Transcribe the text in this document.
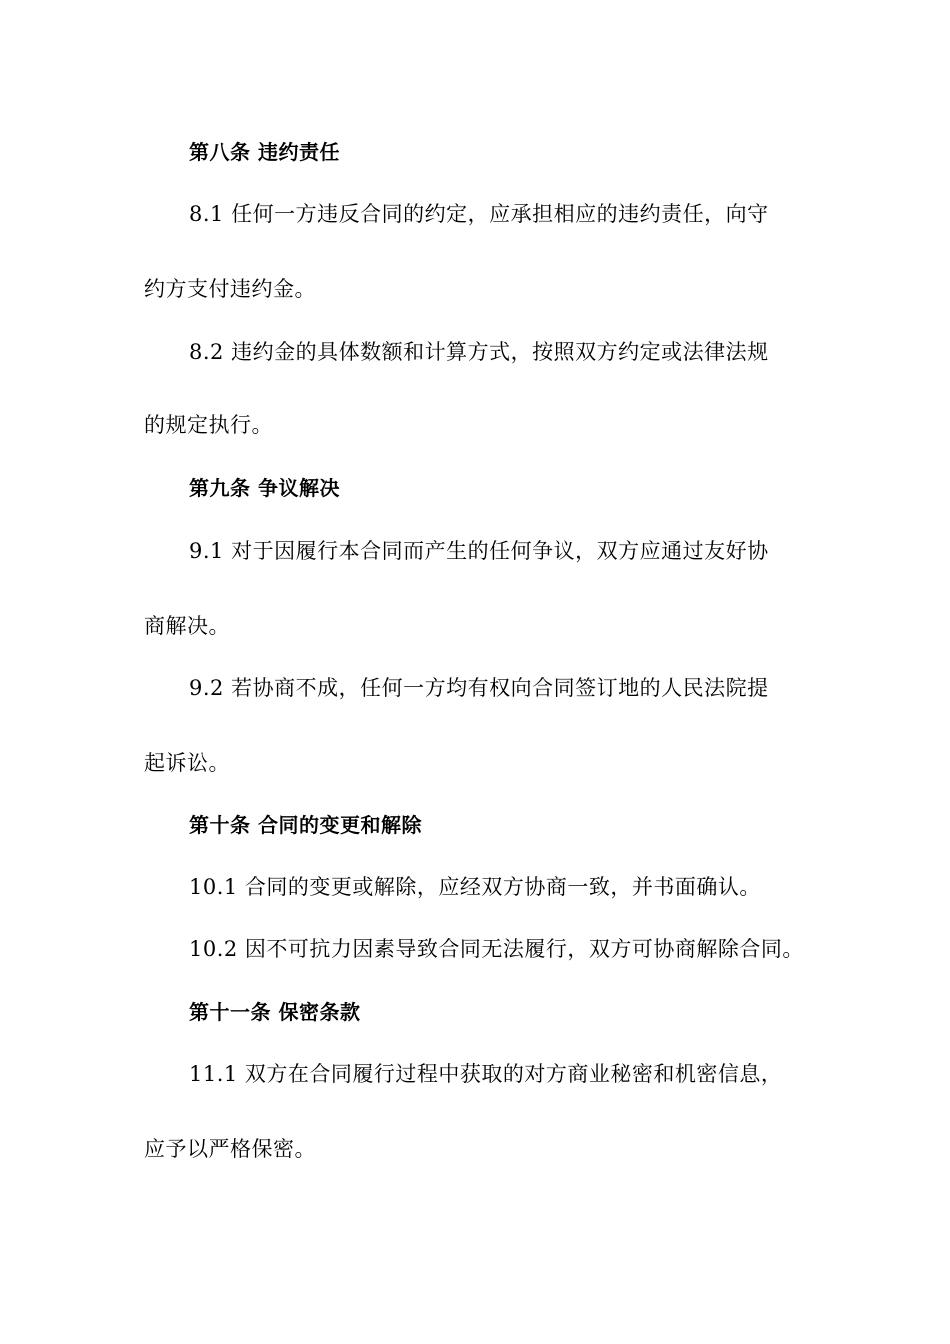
第八条 违约责任
8.1 任何一方违反合同的约定，应承担相应的违约责任，向守
约方支付违约金。
8.2 违约金的具体数额和计算方式，按照双方约定或法律法规
的规定执行。
第九条 争议解决
9.1 对于因履行本合同而产生的任何争议，双方应通过友好协
商解决。
9.2 若协商不成，任何一方均有权向合同签订地的人民法院提
起诉讼。
第十条 合同的变更和解除
10.1 合同的变更或解除，应经双方协商一致，并书面确认。
10.2 因不可抗力因素导致合同无法履行，双方可协商解除合同。
第十一条 保密条款
11.1 双方在合同履行过程中获取的对方商业秘密和机密信息，
应予以严格保密。
